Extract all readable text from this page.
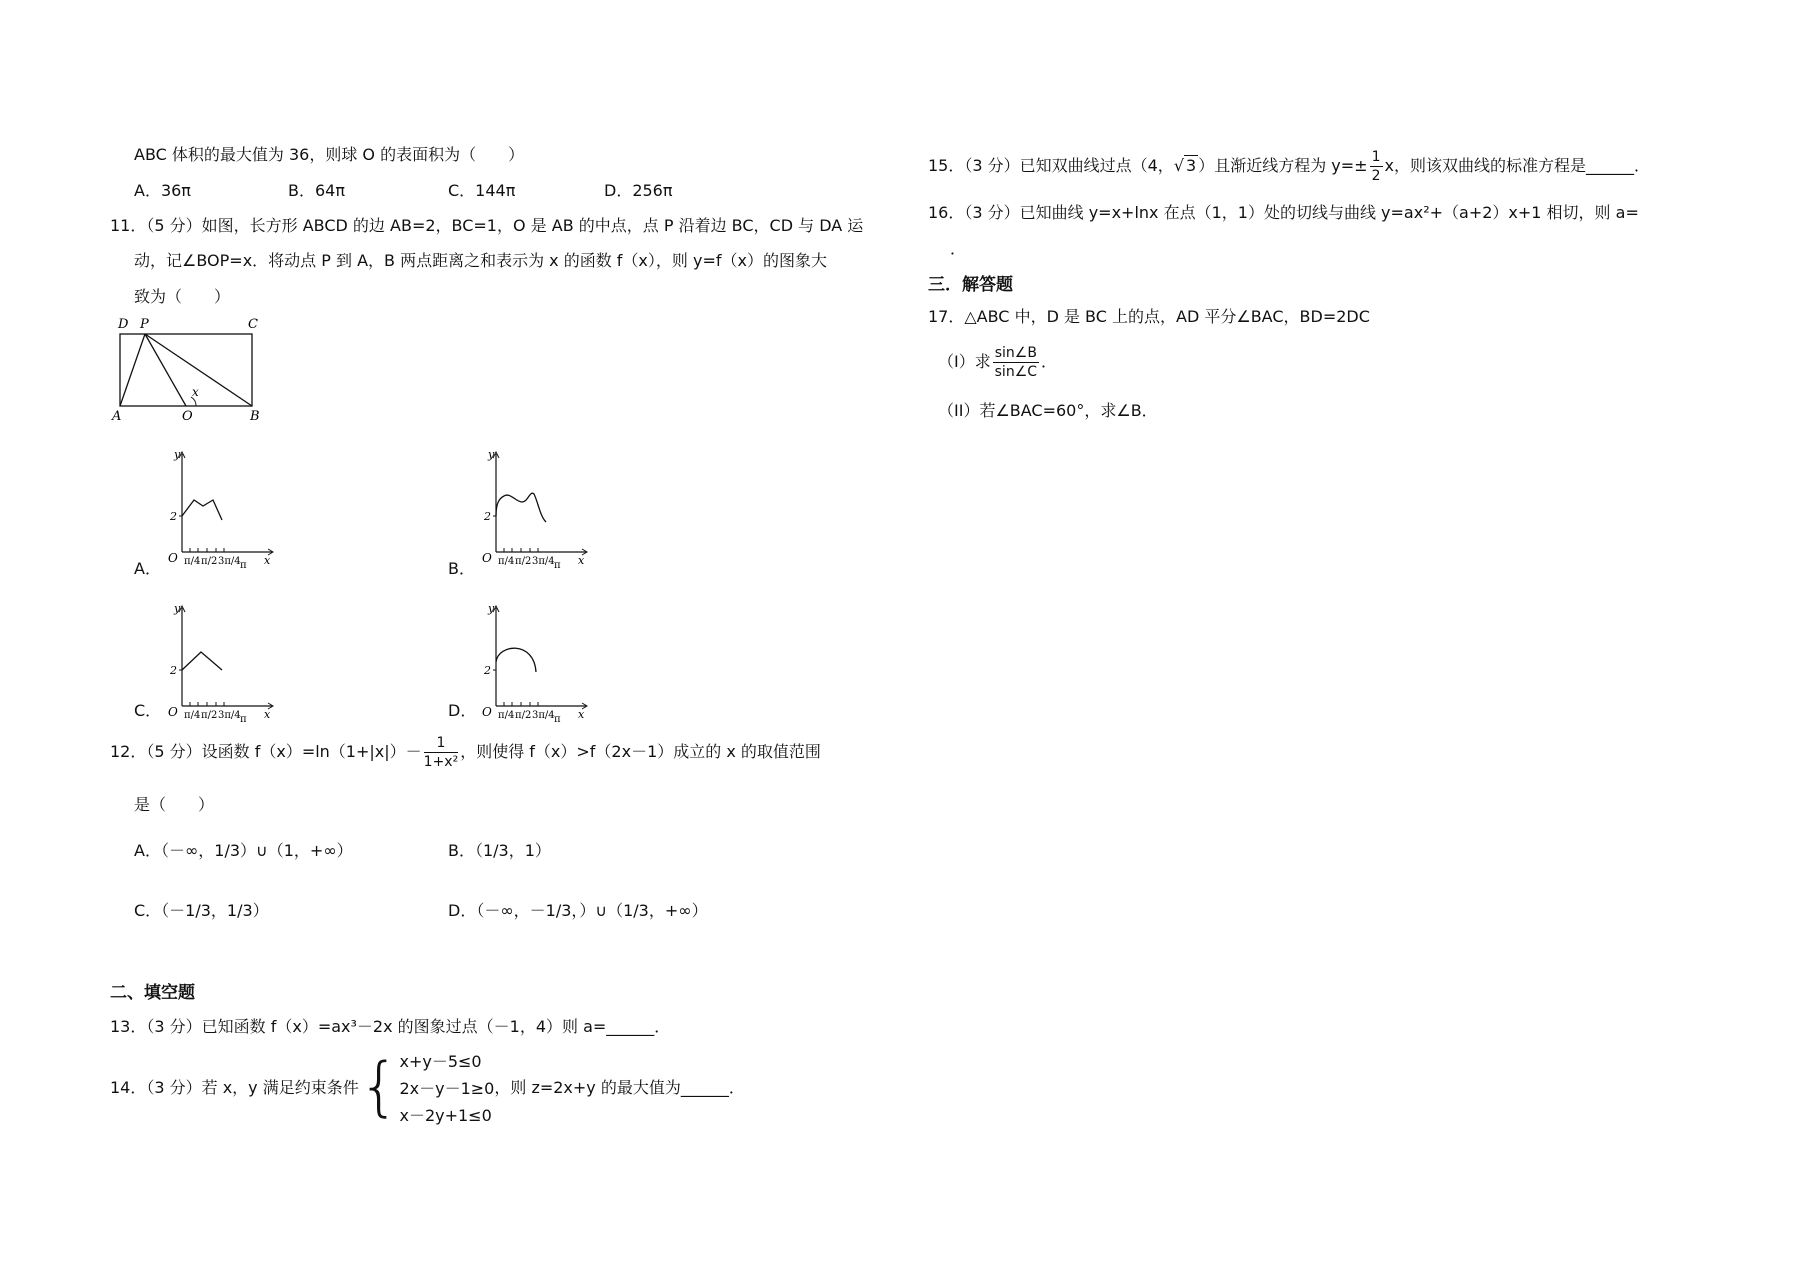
ABC 体积的最大值为 36，则球 O 的表面积为（　　）
A．36π	B．64π	C．144π	D．256π
11．（5 分）如图，长方形 ABCD 的边 AB=2，BC=1，O 是 AB 的中点，点 P 沿着边 BC，CD 与 DA 运
动，记∠BOP=x．将动点 P 到 A，B 两点距离之和表示为 x 的函数 f（x），则 y=f（x）的图象大
致为（　　）
D P	C
A	O	B
x
y
x
O
2
π/4 π/2 3π/4 π
A．
y
x
O
2
π/4 π/2 3π/4 π
B．
y
x
O
2
π/4 π/2 3π/4 π
C．
y
x
O
2
π/4 π/2 3π/4 π
D．
12．（5 分）设函数 $f(x)=\ln(1+|x|)- \frac{1}{\text{1+x²}}$ ，则使得 f（x）>f（2x－1）成立的 x 的取值范围
是（　　）
A．（－∞，1/3）∪（1，+∞）	B．（1/3，1）
C．（－1/3，1/3）	D．（－∞，－1/3，）∪（1/3，+∞）
二、填空题
13．（3 分）已知函数 f（x）=ax³－2x 的图象过点（－1，4）则 a=______．
14．（3 分）若 x，y 满足约束条件{ x+y－5≤0
2x－y－1≥0
x－2y+1≤0
，则 z=2x+y 的最大值为______．
15．（3 分）已知双曲线过点（4，√ 3 ）且渐近线方程为 $y=\pm \frac{1}{2}$ x，则该双曲线的标准方程是______．
16．（3 分）已知曲线 y=x+lnx 在点（1，1）处的切线与曲线 y=ax²+（a+2）x+1 相切，则 a=
．
三．解答题
17．△ABC 中，D 是 BC 上的点，AD 平分∠BAC，BD=2DC
（I）求 $\frac{\sin\angle B}{\sin\angle C}$ ．
（II）若∠BAC=60°，求∠B．
